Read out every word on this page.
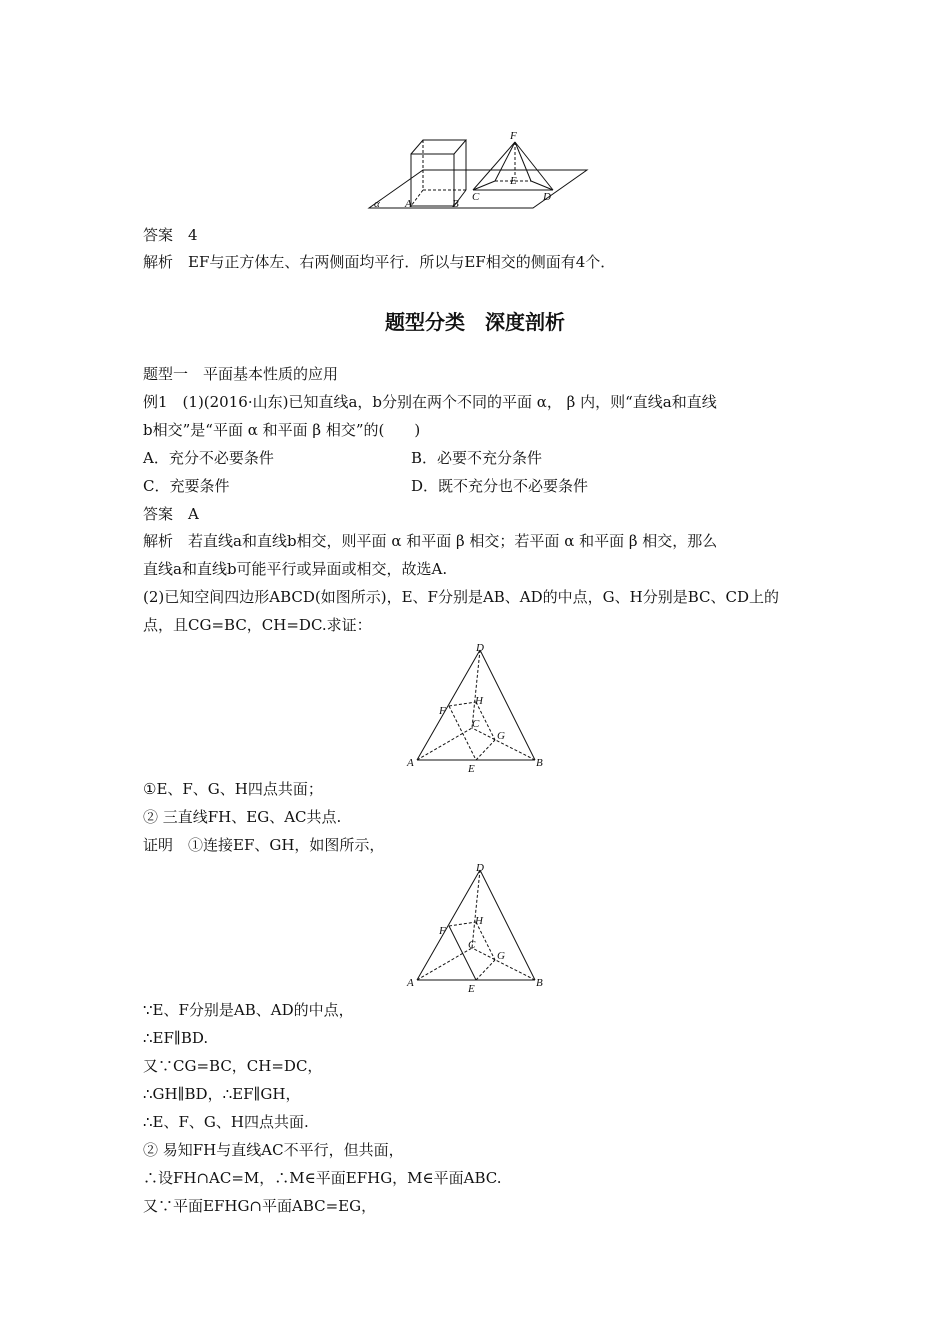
F
E
A	B
C	D
α
答案　4
解析　EF与正方体左、右两侧面均平行．所以与EF相交的侧面有4个．
题型分类　深度剖析
题型一　平面基本性质的应用
例1　(1)(2016·山东)已知直线a，b分别在两个不同的平面 α， β 内，则“直线a和直线
b相交”是“平面 α 和平面 β 相交”的(　　)
A．充分不必要条件	B．必要不充分条件
C．充要条件	D．既不充分也不必要条件
答案　A
解析　若直线a和直线b相交，则平面 α 和平面 β 相交；若平面 α 和平面 β 相交，那么
直线a和直线b可能平行或异面或相交，故选A.
(2)已知空间四边形ABCD(如图所示)，E、F分别是AB、AD的中点，G、H分别是BC、CD上的
点，且CG=BC，CH=DC.求证：
D
H
F
C
G
A	E	B
①E、F、G、H四点共面；
② 三直线FH、EG、AC共点.
证明　①连接EF、GH，如图所示，
D
H
F
C
G
A	E	B
∵E、F分别是AB、AD的中点，
∴EF∥BD.
又∵CG=BC，CH=DC，
∴GH∥BD，∴EF∥GH，
∴E、F、G、H四点共面.
② 易知FH与直线AC不平行，但共面，
∴设FH∩AC=M，∴M∈平面EFHG，M∈平面ABC.
又∵平面EFHG∩平面ABC=EG，
